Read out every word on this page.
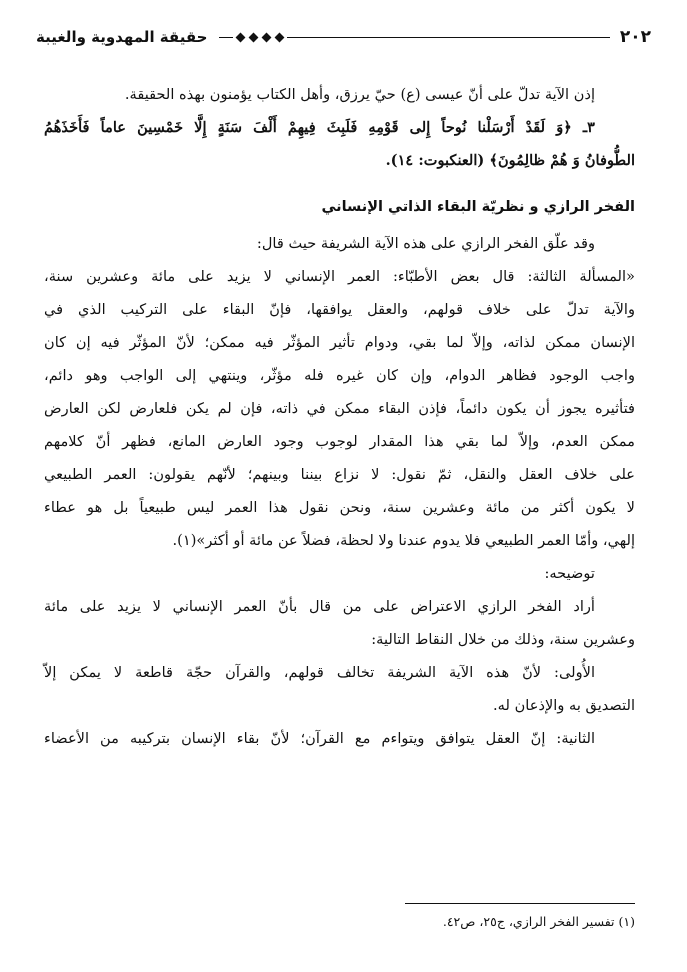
٢٠٢
حقيقة المهدوية والغيبة
إذن الآية تدلّ على أنّ عيسى (ع) حيّ يرزق، وأهل الكتاب يؤمنون بهذه الحقيقة.
٣ـ ﴿وَ لَقَدْ أَرْسَلْنا نُوحاً إِلى قَوْمِهِ فَلَبِثَ فِيهِمْ أَلْفَ سَنَةٍ إِلَّا خَمْسِينَ عاماً فَأَخَذَهُمُ
الطُّوفانُ وَ هُمْ ظالِمُونَ﴾ (العنكبوت: ١٤).
الفخر الرازي و نظريّة البقاء الذاتي الإنساني
وقد علّق الفخر الرازي على هذه الآية الشريفة حيث قال:
«المسألة الثالثة: قال بعض الأطبّاء: العمر الإنساني لا يزيد على مائة وعشرين سنة،
والآية تدلّ على خلاف قولهم، والعقل يوافقها، فإنّ البقاء على التركيب الذي في
الإنسان ممكن لذاته، وإلاّ لما بقي، ودوام تأثير المؤثّر فيه ممكن؛ لأنّ المؤثّر فيه إن كان
واجب الوجود فظاهر الدوام، وإن كان غيره فله مؤثّر، وينتهي إلى الواجب وهو دائم،
فتأثيره يجوز أن يكون دائماً، فإذن البقاء ممكن في ذاته، فإن لم يكن فلعارض لكن العارض
ممكن العدم، وإلاّ لما بقي هذا المقدار لوجوب وجود العارض المانع، فظهر أنّ كلامهم
على خلاف العقل والنقل، ثمّ نقول: لا نزاع بيننا وبينهم؛ لأنّهم يقولون: العمر الطبيعي
لا يكون أكثر من مائة وعشرين سنة، ونحن نقول هذا العمر ليس طبيعياً بل هو عطاء
إلهي، وأمّا العمر الطبيعي فلا يدوم عندنا ولا لحظة، فضلاً عن مائة أو أكثر»(١).
توضيحه:
أراد الفخر الرازي الاعتراض على من قال بأنّ العمر الإنساني لا يزيد على مائة
وعشرين سنة، وذلك من خلال النقاط التالية:
الأُولى: لأنّ هذه الآية الشريفة تخالف قولهم، والقرآن حجّة قاطعة لا يمكن إلاّ
التصديق به والإذعان له.
الثانية: إنّ العقل يتوافق ويتواءم مع القرآن؛ لأنّ بقاء الإنسان بتركيبه من الأعضاء
(١) تفسير الفخر الرازي، ج٢٥، ص٤٢.
